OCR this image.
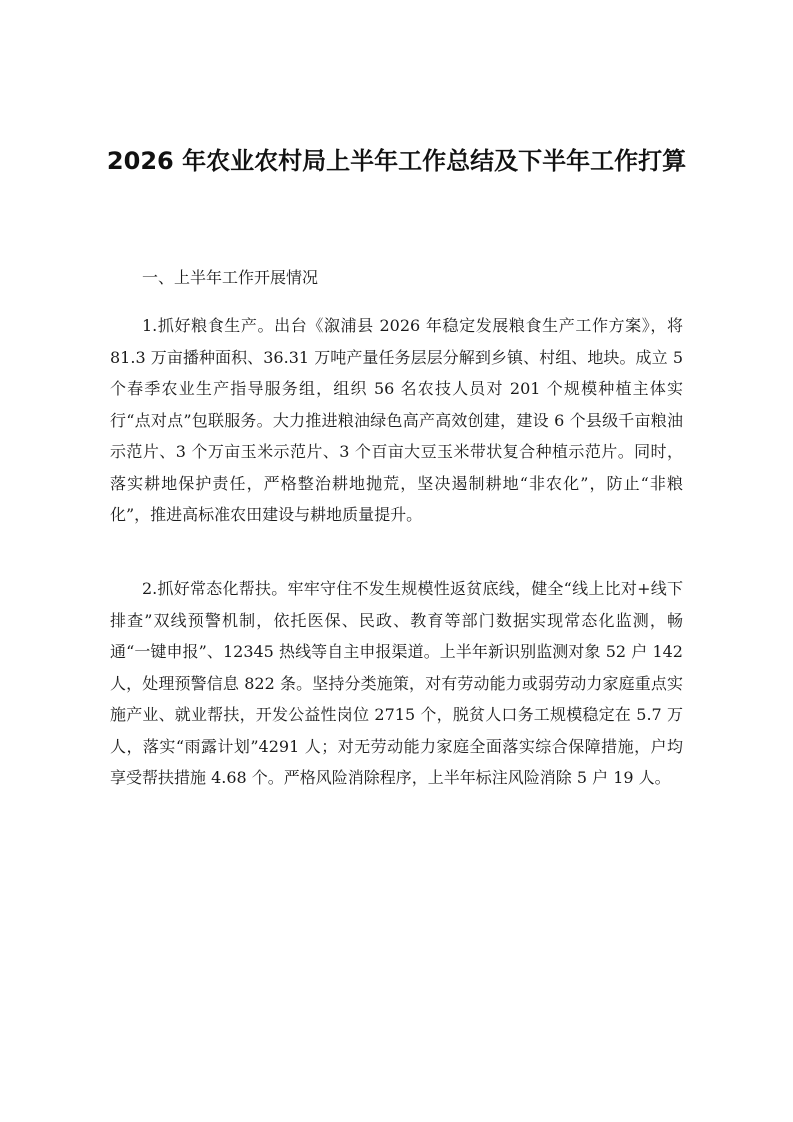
2026 年农业农村局上半年工作总结及下半年工作打算

一、上半年工作开展情况

1.抓好粮食生产。出台《溆浦县 2026 年稳定发展粮食生产工作方案》，将 81.3 万亩播种面积、36.31 万吨产量任务层层分解到乡镇、村组、地块。成立 5 个春季农业生产指导服务组，组织 56 名农技人员对 201 个规模种植主体实行“点对点”包联服务。大力推进粮油绿色高产高效创建，建设 6 个县级千亩粮油示范片、3 个万亩玉米示范片、3 个百亩大豆玉米带状复合种植示范片。同时，落实耕地保护责任，严格整治耕地抛荒，坚决遏制耕地“非农化”，防止“非粮化”，推进高标准农田建设与耕地质量提升。

2.抓好常态化帮扶。牢牢守住不发生规模性返贫底线，健全“线上比对+线下排查”双线预警机制，依托医保、民政、教育等部门数据实现常态化监测，畅通“一键申报”、12345 热线等自主申报渠道。上半年新识别监测对象 52 户 142 人，处理预警信息 822 条。坚持分类施策，对有劳动能力或弱劳动力家庭重点实施产业、就业帮扶，开发公益性岗位 2715 个，脱贫人口务工规模稳定在 5.7 万人，落实“雨露计划”4291 人；对无劳动能力家庭全面落实综合保障措施，户均享受帮扶措施 4.68 个。严格风险消除程序，上半年标注风险消除 5 户 19 人。
